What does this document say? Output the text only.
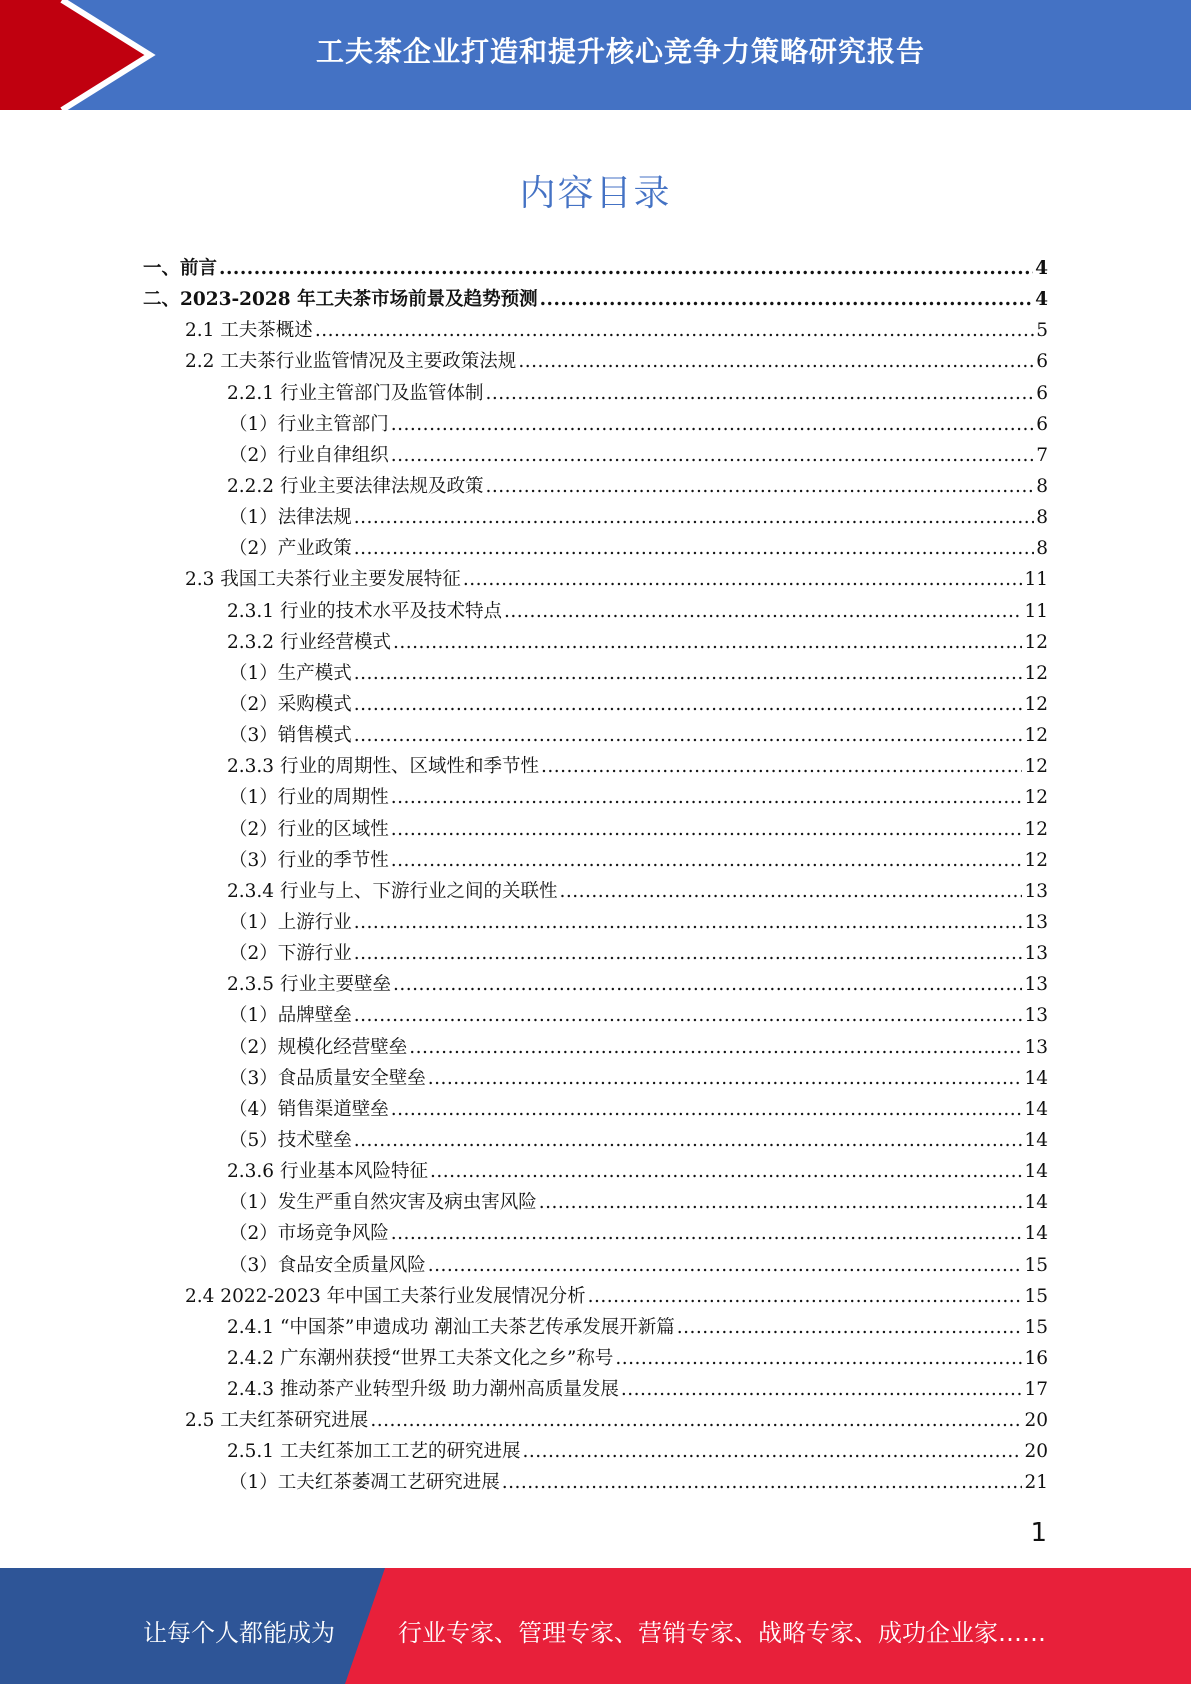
工夫茶企业打造和提升核心竞争力策略研究报告
内容目录
一、前言 .....	4
二、2023-2028 年工夫茶市场前景及趋势预测 .....	4
2.1 工夫茶概述 .....	5
2.2 工夫茶行业监管情况及主要政策法规 .....	6
2.2.1 行业主管部门及监管体制 .....	6
（1）行业主管部门 .....	6
（2）行业自律组织 .....	7
2.2.2 行业主要法律法规及政策 .....	8
（1）法律法规 .....	8
（2）产业政策 .....	8
2.3 我国工夫茶行业主要发展特征 .....	11
2.3.1 行业的技术水平及技术特点 .....	11
2.3.2 行业经营模式 .....	12
（1）生产模式 .....	12
（2）采购模式 .....	12
（3）销售模式 .....	12
2.3.3 行业的周期性、区域性和季节性 .....	12
（1）行业的周期性 .....	12
（2）行业的区域性 .....	12
（3）行业的季节性 .....	12
2.3.4 行业与上、下游行业之间的关联性 .....	13
（1）上游行业 .....	13
（2）下游行业 .....	13
2.3.5 行业主要壁垒 .....	13
（1）品牌壁垒 .....	13
（2）规模化经营壁垒 .....	13
（3）食品质量安全壁垒 .....	14
（4）销售渠道壁垒 .....	14
（5）技术壁垒 .....	14
2.3.6 行业基本风险特征 .....	14
（1）发生严重自然灾害及病虫害风险 .....	14
（2）市场竞争风险 .....	14
（3）食品安全质量风险 .....	15
2.4 2022-2023 年中国工夫茶行业发展情况分析 .....	15
2.4.1 “中国茶”申遗成功 潮汕工夫茶艺传承发展开新篇 .....	15
2.4.2 广东潮州获授“世界工夫茶文化之乡”称号 .....	16
2.4.3 推动茶产业转型升级 助力潮州高质量发展 .....	17
2.5 工夫红茶研究进展 .....	20
2.5.1 工夫红茶加工工艺的研究进展 .....	20
（1）工夫红茶萎凋工艺研究进展 .....	21
1
让每个人都能成为	行业专家、管理专家、营销专家、战略专家、成功企业家……
